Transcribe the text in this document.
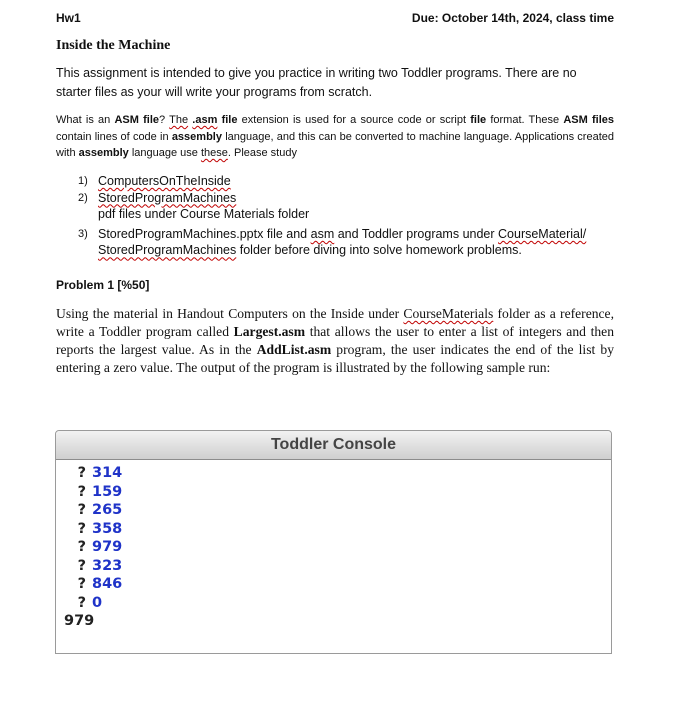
Hw1	Due: October 14th, 2024, class time
Inside the Machine
This assignment is intended to give you practice in writing two Toddler programs. There are no starter files as your will write your programs from scratch.
What is an ASM file? The .asm file extension is used for a source code or script file format. These ASM files contain lines of code in assembly language, and this can be converted to machine language. Applications created with assembly language use these. Please study
1) ComputersOnTheInside
2) StoredProgramMachines
pdf files under Course Materials folder
3) StoredProgramMachines.pptx file and asm and Toddler programs under CourseMaterial/
StoredProgramMachines folder before diving into solve homework problems.
Problem 1 [%50]
Using the material in Handout Computers on the Inside under CourseMaterials folder as a reference, write a Toddler program called Largest.asm that allows the user to enter a list of integers and then reports the largest value. As in the AddList.asm program, the user indicates the end of the list by entering a zero value. The output of the program is illustrated by the following sample run:
Toddler Console
? 314
? 159
? 265
? 358
? 979
? 323
? 846
? 0
979
